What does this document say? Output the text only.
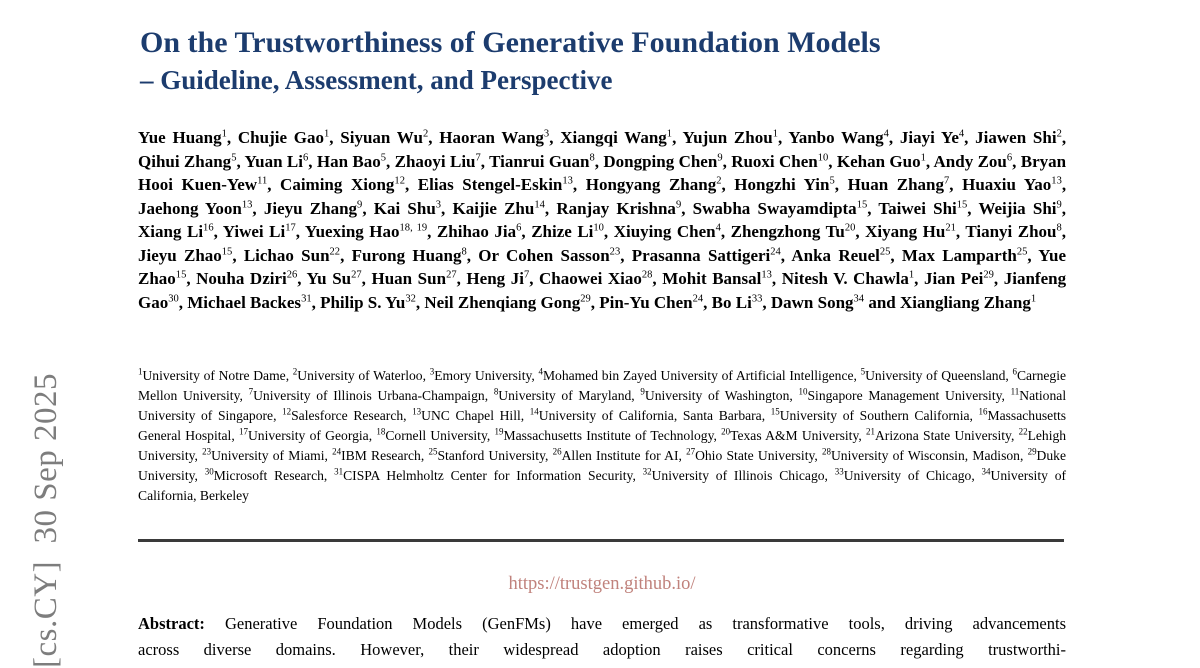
[cs.CY]  30 Sep 2025
On the Trustworthiness of Generative Foundation Models
– Guideline, Assessment, and Perspective
Yue Huang$^1$, Chujie Gao$^1$, Siyuan Wu$^2$, Haoran Wang$^3$, Xiangqi Wang$^1$, Yujun Zhou$^1$, Yanbo Wang$^4$, Jiayi Ye$^4$, Jiawen Shi$^2$, Qihui Zhang$^5$, Yuan Li$^6$, Han Bao$^5$, Zhaoyi Liu$^7$, Tianrui Guan$^8$, Dongping Chen$^9$, Ruoxi Chen$^{10}$, Kehan Guo$^1$, Andy Zou$^6$, Bryan Hooi Kuen-Yew$^{11}$, Caiming Xiong$^{12}$, Elias Stengel-Eskin$^{13}$, Hongyang Zhang$^2$, Hongzhi Yin$^5$, Huan Zhang$^7$, Huaxiu Yao$^{13}$, Jaehong Yoon$^{13}$, Jieyu Zhang$^9$, Kai Shu$^3$, Kaijie Zhu$^{14}$, Ranjay Krishna$^9$, Swabha Swayamdipta$^{15}$, Taiwei Shi$^{15}$, Weijia Shi$^9$, Xiang Li$^{16}$, Yiwei Li$^{17}$, Yuexing Hao$^{18, 19}$, Zhihao Jia$^6$, Zhize Li$^{10}$, Xiuying Chen$^4$, Zhengzhong Tu$^{20}$, Xiyang Hu$^{21}$, Tianyi Zhou$^8$, Jieyu Zhao$^{15}$, Lichao Sun$^{22}$, Furong Huang$^8$, Or Cohen Sasson$^{23}$, Prasanna Sattigeri$^{24}$, Anka Reuel$^{25}$, Max Lamparth$^{25}$, Yue Zhao$^{15}$, Nouha Dziri$^{26}$, Yu Su$^{27}$, Huan Sun$^{27}$, Heng Ji$^7$, Chaowei Xiao$^{28}$, Mohit Bansal$^{13}$, Nitesh V. Chawla$^1$, Jian Pei$^{29}$, Jianfeng Gao$^{30}$, Michael Backes$^{31}$, Philip S. Yu$^{32}$, Neil Zhenqiang Gong$^{29}$, Pin-Yu Chen$^{24}$, Bo Li$^{33}$, Dawn Song$^{34}$ and Xiangliang Zhang$^1$
$^1$University of Notre Dame, $^2$University of Waterloo, $^3$Emory University, $^4$Mohamed bin Zayed University of Artificial Intelligence, $^5$University of Queensland, $^6$Carnegie Mellon University, $^7$University of Illinois Urbana-Champaign, $^8$University of Maryland, $^9$University of Washington, $^{10}$Singapore Management University, $^{11}$National University of Singapore, $^{12}$Salesforce Research, $^{13}$UNC Chapel Hill, $^{14}$University of California, Santa Barbara, $^{15}$University of Southern California, $^{16}$Massachusetts General Hospital, $^{17}$University of Georgia, $^{18}$Cornell University, $^{19}$Massachusetts Institute of Technology, $^{20}$Texas A&M University, $^{21}$Arizona State University, $^{22}$Lehigh University, $^{23}$University of Miami, $^{24}$IBM Research, $^{25}$Stanford University, $^{26}$Allen Institute for AI, $^{27}$Ohio State University, $^{28}$University of Wisconsin, Madison, $^{29}$Duke University, $^{30}$Microsoft Research, $^{31}$CISPA Helmholtz Center for Information Security, $^{32}$University of Illinois Chicago, $^{33}$University of Chicago, $^{34}$University of California, Berkeley
https://trustgen.github.io/
Abstract: Generative Foundation Models (GenFMs) have emerged as transformative tools, driving advancements
across diverse domains. However, their widespread adoption raises critical concerns regarding trustworthi-
